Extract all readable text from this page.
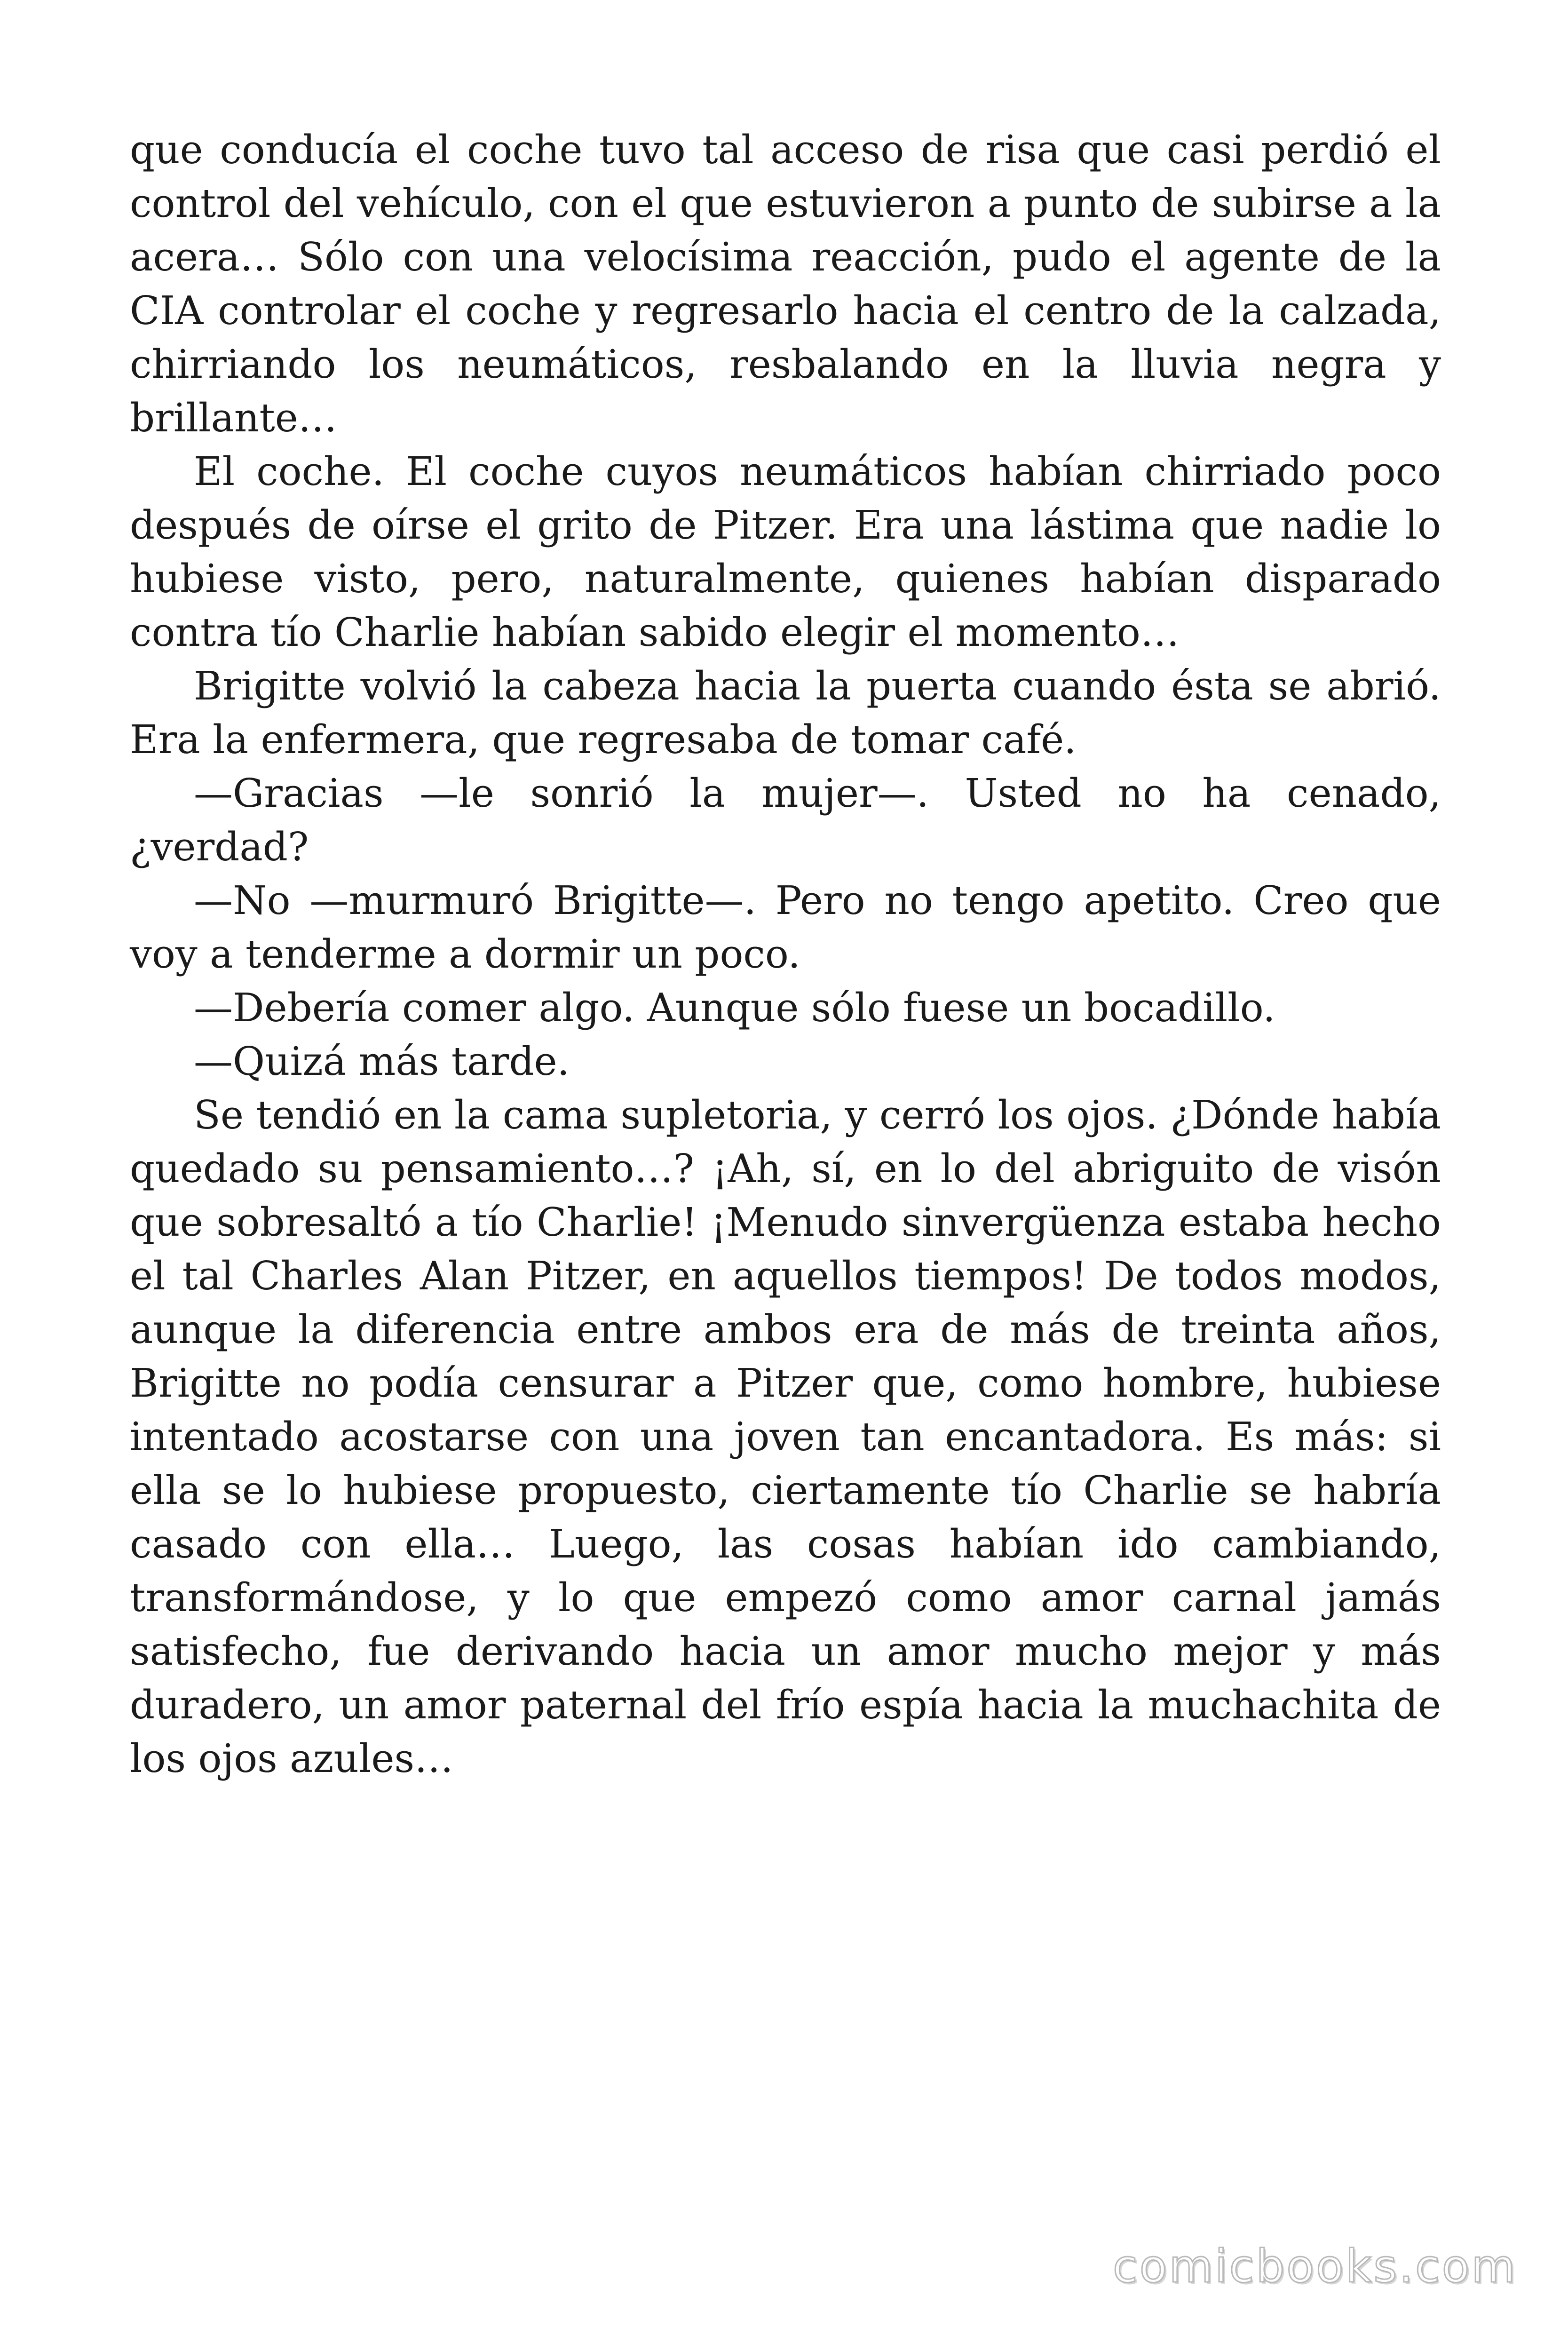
que conducía el coche tuvo tal acceso de risa que casi perdió el control del vehículo, con el que estuvieron a punto de subirse a la acera… Sólo con una velocísima reacción, pudo el agente de la CIA controlar el coche y regresarlo hacia el centro de la calzada, chirriando los neumáticos, resbalando en la lluvia negra y brillante…

El coche. El coche cuyos neumáticos habían chirriado poco después de oírse el grito de Pitzer. Era una lástima que nadie lo hubiese visto, pero, naturalmente, quienes habían disparado contra tío Charlie habían sabido elegir el momento…

Brigitte volvió la cabeza hacia la puerta cuando ésta se abrió. Era la enfermera, que regresaba de tomar café.

—Gracias —le sonrió la mujer—. Usted no ha cenado, ¿verdad?

—No —murmuró Brigitte—. Pero no tengo apetito. Creo que voy a tenderme a dormir un poco.

—Debería comer algo. Aunque sólo fuese un bocadillo.

—Quizá más tarde.

Se tendió en la cama supletoria, y cerró los ojos. ¿Dónde había quedado su pensamiento…? ¡Ah, sí, en lo del abriguito de visón que sobresaltó a tío Charlie! ¡Menudo sinvergüenza estaba hecho el tal Charles Alan Pitzer, en aquellos tiempos! De todos modos, aunque la diferencia entre ambos era de más de treinta años, Brigitte no podía censurar a Pitzer que, como hombre, hubiese intentado acostarse con una joven tan encantadora. Es más: si ella se lo hubiese propuesto, ciertamente tío Charlie se habría casado con ella… Luego, las cosas habían ido cambiando, transformándose, y lo que empezó como amor carnal jamás satisfecho, fue derivando hacia un amor mucho mejor y más duradero, un amor paternal del frío espía hacia la muchachita de los ojos azules…

comicbooks.com
